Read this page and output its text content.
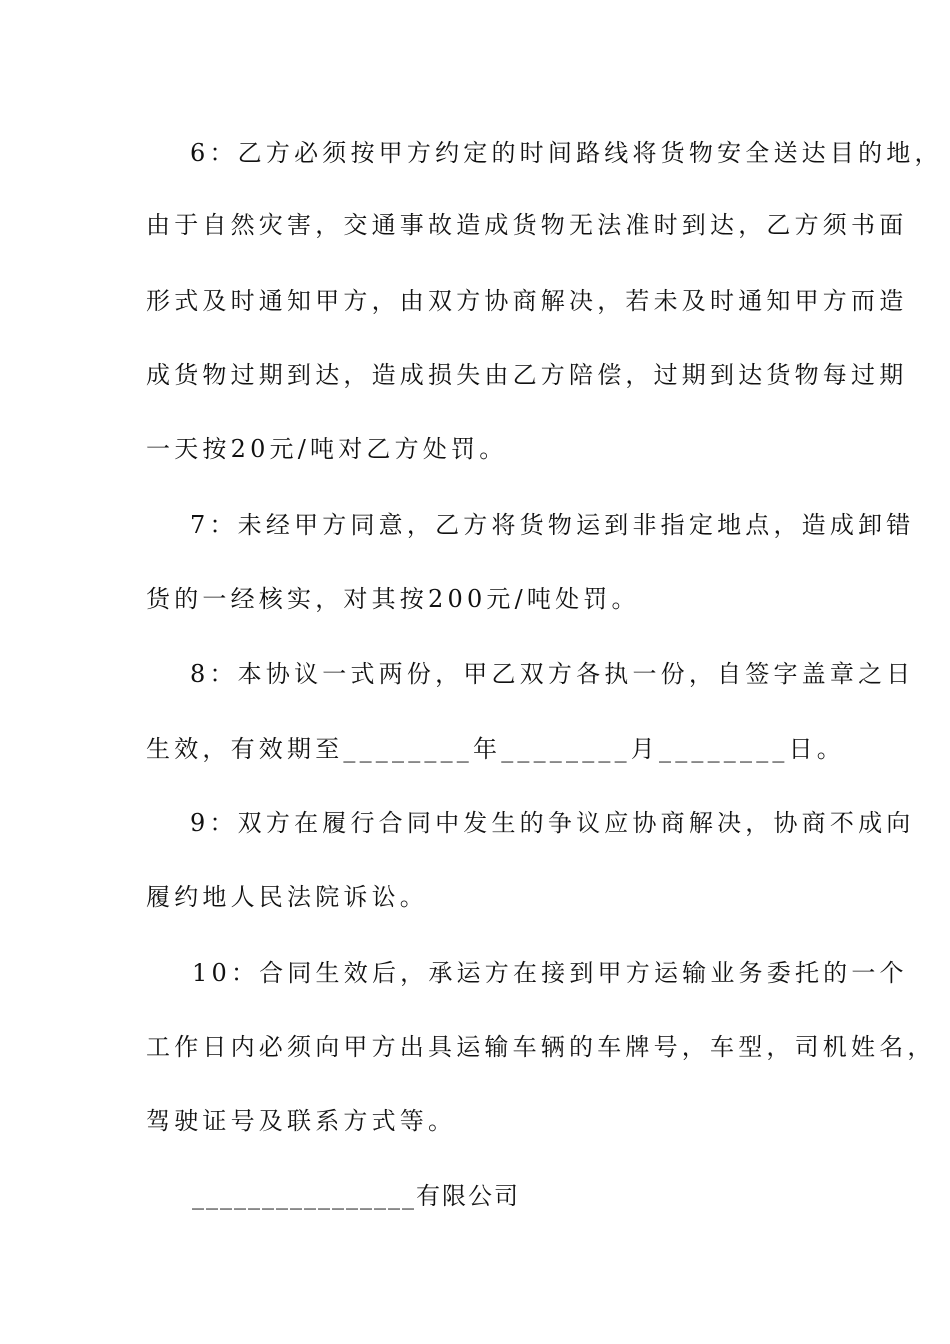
6：乙方必须按甲方约定的时间路线将货物安全送达目的地，
由于自然灾害，交通事故造成货物无法准时到达，乙方须书面
形式及时通知甲方，由双方协商解决，若未及时通知甲方而造
成货物过期到达，造成损失由乙方陪偿，过期到达货物每过期
一天按20元/吨对乙方处罚。
7：未经甲方同意，乙方将货物运到非指定地点，造成卸错
货的一经核实，对其按200元/吨处罚。
8：本协议一式两份，甲乙双方各执一份，自签字盖章之日
生效，有效期至________年________月________日。
9：双方在履行合同中发生的争议应协商解决，协商不成向
履约地人民法院诉讼。
10：合同生效后，承运方在接到甲方运输业务委托的一个
工作日内必须向甲方出具运输车辆的车牌号，车型，司机姓名，
驾驶证号及联系方式等。
________________有限公司
